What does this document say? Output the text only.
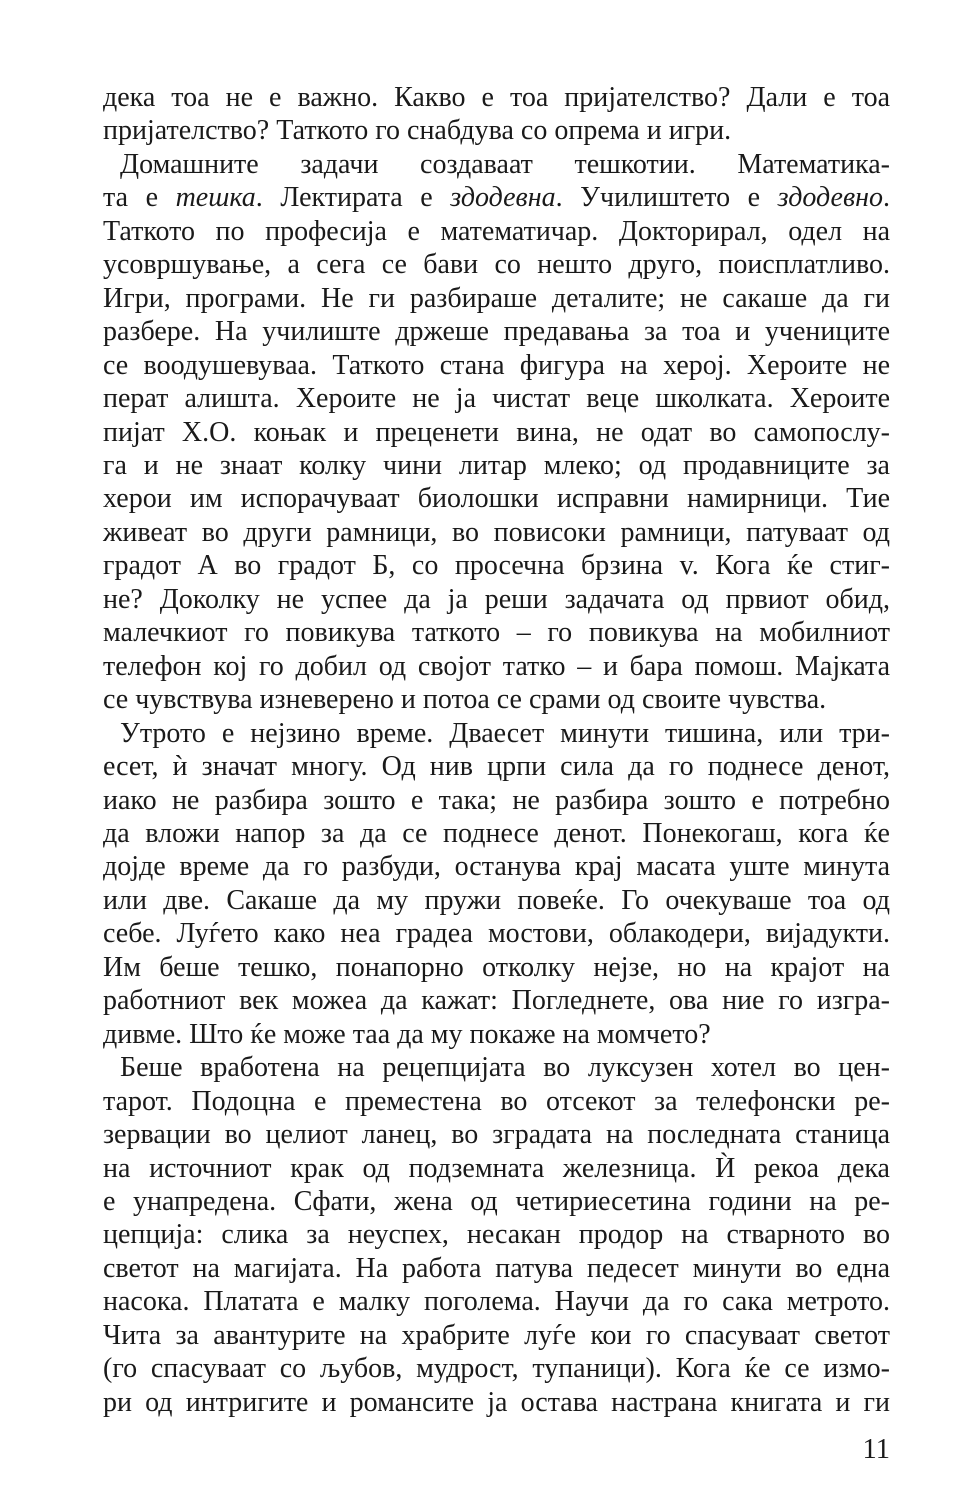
дека тоа не е важно. Какво е тоа пријателство? Дали е тоа
пријателство? Таткото го снабдува со опрема и игри.
Домашните задачи создаваат тешкотии. Математика-
та е тешка. Лектирата е здодевна. Училиштето е здодевно.
Таткото по професија е математичар. Докторирал, одел на
усовршување, а сега се бави со нешто друго, поисплатливо.
Игри, програми. Не ги разбираше деталите; не сакаше да ги
разбере. На училиште држеше предавања за тоа и учениците
се воодушевуваа. Таткото стана фигура на херој. Хероите не
перат алишта. Хероите не ја чистат веце школката. Хероите
пијат Х.О. коњак и преценети вина, не одат во самопослу-
га и не знаат колку чини литар млеко; од продавниците за
херои им испорачуваат биолошки исправни намирници. Тие
живеат во други рамници, во повисоки рамници, патуваат од
градот А во градот Б, со просечна брзина v. Кога ќе стиг-
не? Доколку не успее да ја реши задачата од првиот обид,
малечкиот го повикува таткото – го повикува на мобилниот
телефон кој го добил од својот татко – и бара помош. Мајката
се чувствува изневерено и потоа се срами од своите чувства.
Утрото е нејзино време. Дваесет минути тишина, или три-
есет, ѝ значат многу. Од нив црпи сила да го поднесе денот,
иако не разбира зошто е така; не разбира зошто е потребно
да вложи напор за да се поднесе денот. Понекогаш, кога ќе
дојде време да го разбуди, останува крај масата уште минута
или две. Сакаше да му пружи повеќе. Го очекуваше тоа од
себе. Луѓето како неа градеа мостови, облакодери, вијадукти.
Им беше тешко, понапорно отколку нејзе, но на крајот на
работниот век можеа да кажат: Погледнете, ова ние го изгра-
дивме. Што ќе може таа да му покаже на момчето?
Беше вработена на рецепцијата во луксузен хотел во цен-
тарот. Подоцна е преместена во отсекот за телефонски ре-
зервации во целиот ланец, во зградата на последната станица
на источниот крак од подземната железница. Ѝ рекоа дека
е унапредена. Сфати, жена од четириесетина години на ре-
цепција: слика за неуспех, несакан продор на стварното во
светот на магијата. На работа патува педесет минути во една
насока. Платата е малку поголема. Научи да го сака метрото.
Чита за авантурите на храбрите луѓе кои го спасуваат светот
(го спасуваат со љубов, мудрост, тупаници). Кога ќе се измо-
ри од интригите и романсите ја остава настрана книгата и ги
11
